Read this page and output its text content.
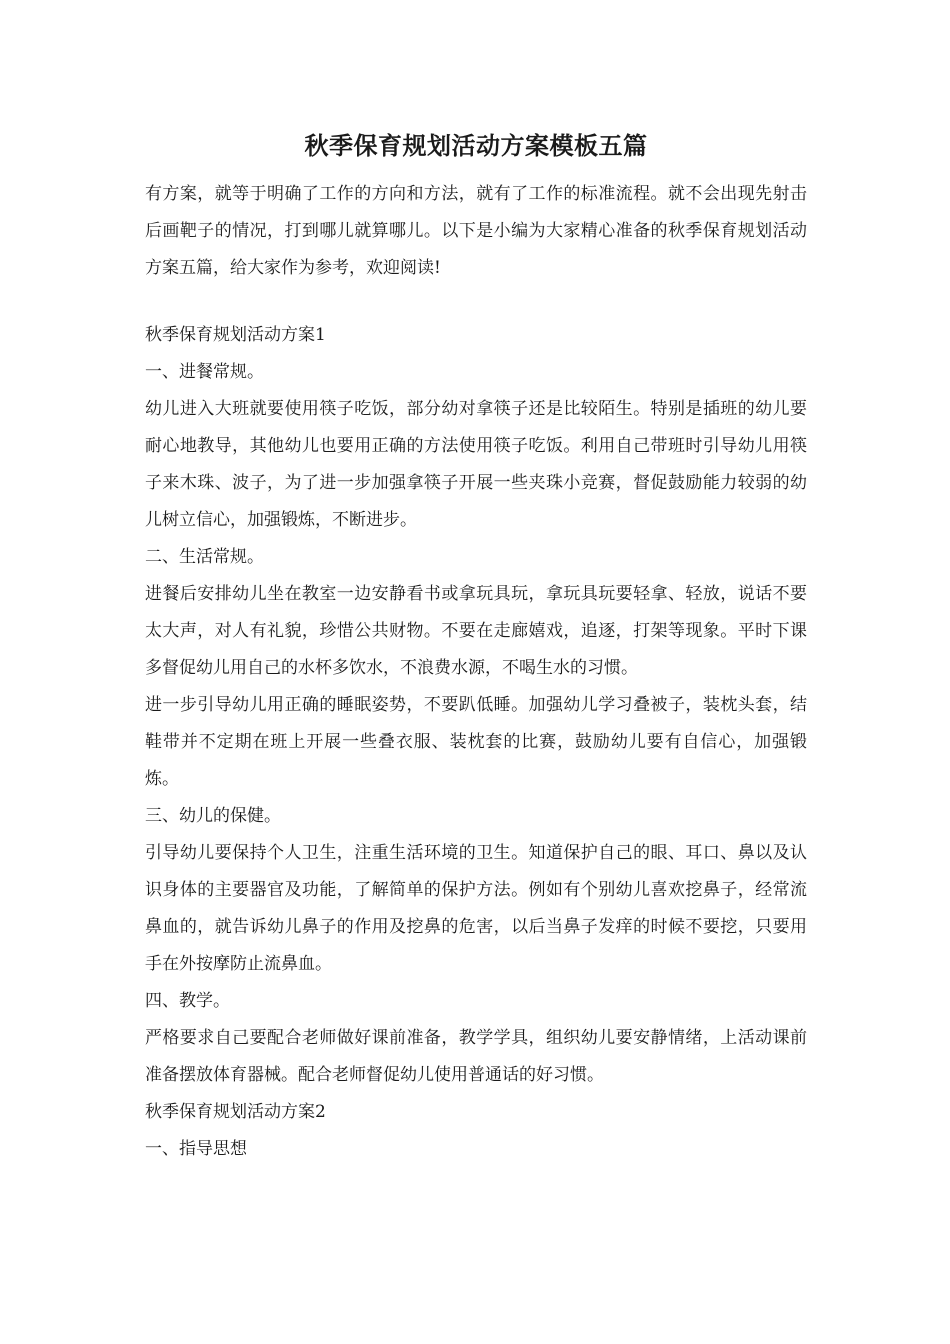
秋季保育规划活动方案模板五篇

有方案，就等于明确了工作的方向和方法，就有了工作的标准流程。就不会出现先射击后画靶子的情况，打到哪儿就算哪儿。以下是小编为大家精心准备的秋季保育规划活动方案五篇，给大家作为参考，欢迎阅读!

秋季保育规划活动方案1
一、进餐常规。

幼儿进入大班就要使用筷子吃饭，部分幼对拿筷子还是比较陌生。特别是插班的幼儿要耐心地教导，其他幼儿也要用正确的方法使用筷子吃饭。利用自己带班时引导幼儿用筷子来木珠、波子，为了进一步加强拿筷子开展一些夹珠小竞赛，督促鼓励能力较弱的幼儿树立信心，加强锻炼，不断进步。

二、生活常规。

进餐后安排幼儿坐在教室一边安静看书或拿玩具玩，拿玩具玩要轻拿、轻放，说话不要太大声，对人有礼貌，珍惜公共财物。不要在走廊嬉戏，追逐，打架等现象。平时下课多督促幼儿用自己的水杯多饮水，不浪费水源，不喝生水的习惯。

进一步引导幼儿用正确的睡眠姿势，不要趴低睡。加强幼儿学习叠被子，装枕头套，结鞋带并不定期在班上开展一些叠衣服、装枕套的比赛，鼓励幼儿要有自信心，加强锻炼。

三、幼儿的保健。

引导幼儿要保持个人卫生，注重生活环境的卫生。知道保护自己的眼、耳口、鼻以及认识身体的主要器官及功能，了解简单的保护方法。例如有个别幼儿喜欢挖鼻子，经常流鼻血的，就告诉幼儿鼻子的作用及挖鼻的危害，以后当鼻子发痒的时候不要挖，只要用手在外按摩防止流鼻血。

四、教学。

严格要求自己要配合老师做好课前准备，教学学具，组织幼儿要安静情绪，上活动课前准备摆放体育器械。配合老师督促幼儿使用普通话的好习惯。

秋季保育规划活动方案2
一、指导思想
